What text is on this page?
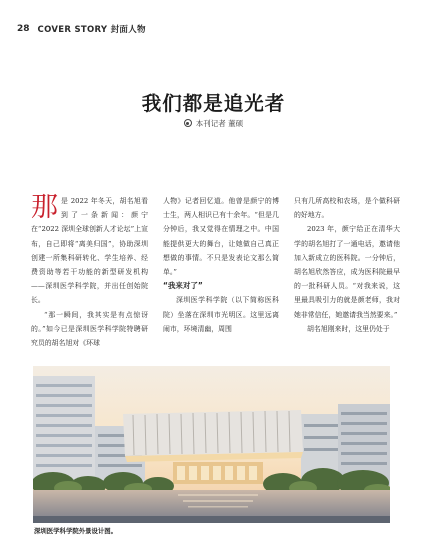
28 COVER STORY 封面人物
我们都是追光者
本刊记者 董硕

那是 2022 年冬天，胡名旭看到了一条新闻：颜宁在“2022 深圳全球创新人才论坛”上宣布，自己即将“离美归国”，协助深圳创建一所集科研转化、学生培养、经费资助等若干功能的新型研发机构——深圳医学科学院，并出任创始院长。

“那一瞬间，我其实是有点惊讶的。”如今已是深圳医学科学院特聘研究员的胡名旭对《环球

人物》记者回忆道。他曾是颜宁的博士生，两人相识已有十余年。“但是几分钟后，我又觉得在情理之中。中国能提供更大的舞台，让她做自己真正想做的事情。不只是发表论文那么简单。”

“我来对了”

深圳医学科学院（以下简称医科院）坐落在深圳市光明区。这里远离闹市，环境清幽，周围

只有几所高校和农场，是个做科研的好地方。

2023 年，颜宁给正在清华大学的胡名旭打了一通电话，邀请他加入新成立的医科院。一分钟后，胡名旭欣然答应，成为医科院最早的一批科研人员。“对我来说，这里最具吸引力的就是颜老师，我对她非常信任，她邀请我当然要来。”

胡名旭刚来时，这里仍处于

深圳医学科学院外景设计图。
